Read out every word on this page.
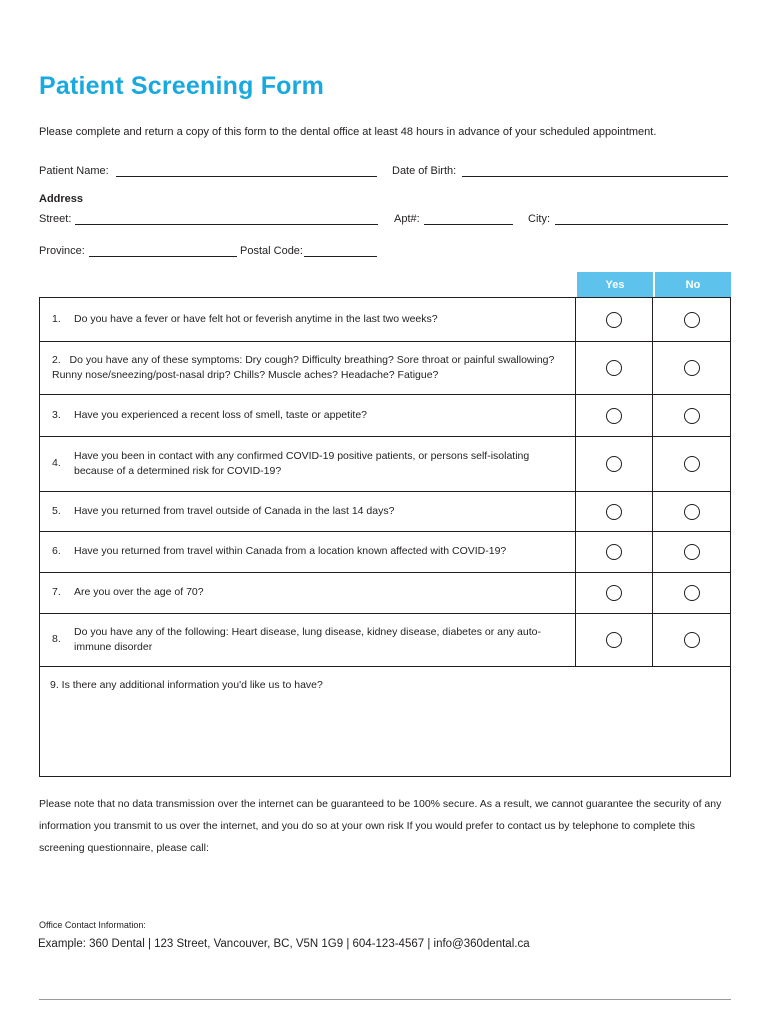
Patient Screening Form
Please complete and return a copy of this form to the dental office at least 48 hours in advance of your scheduled appointment.
Patient Name:	Date of Birth:
Address
Street:	Apt#:	City:
Province:	Postal Code:
Yes	No
1.	Do you have a fever or have felt hot or feverish anytime in the last two weeks?
2. Do you have any of these symptoms: Dry cough? Difficulty breathing? Sore throat or painful swallowing? Runny nose/sneezing/post-nasal drip? Chills? Muscle aches? Headache? Fatigue?
3.	Have you experienced a recent loss of smell, taste or appetite?
4.
Have you been in contact with any confirmed COVID-19 positive patients, or persons self-isolating because of a determined risk for COVID-19?
5.	Have you returned from travel outside of Canada in the last 14 days?
6.	Have you returned from travel within Canada from a location known affected with COVID-19?
7.	Are you over the age of 70?
8.
Do you have any of the following: Heart disease, lung disease, kidney disease, diabetes or any auto-immune disorder
9. Is there any additional information you'd like us to have?
Please note that no data transmission over the internet can be guaranteed to be 100% secure. As a result, we cannot guarantee the security of any information you transmit to us over the internet, and you do so at your own risk If you would prefer to contact us by telephone to complete this screening questionnaire, please call:
Office Contact Information:
Example: 360 Dental | 123 Street, Vancouver, BC, V5N 1G9 | 604-123-4567 | info@360dental.ca
